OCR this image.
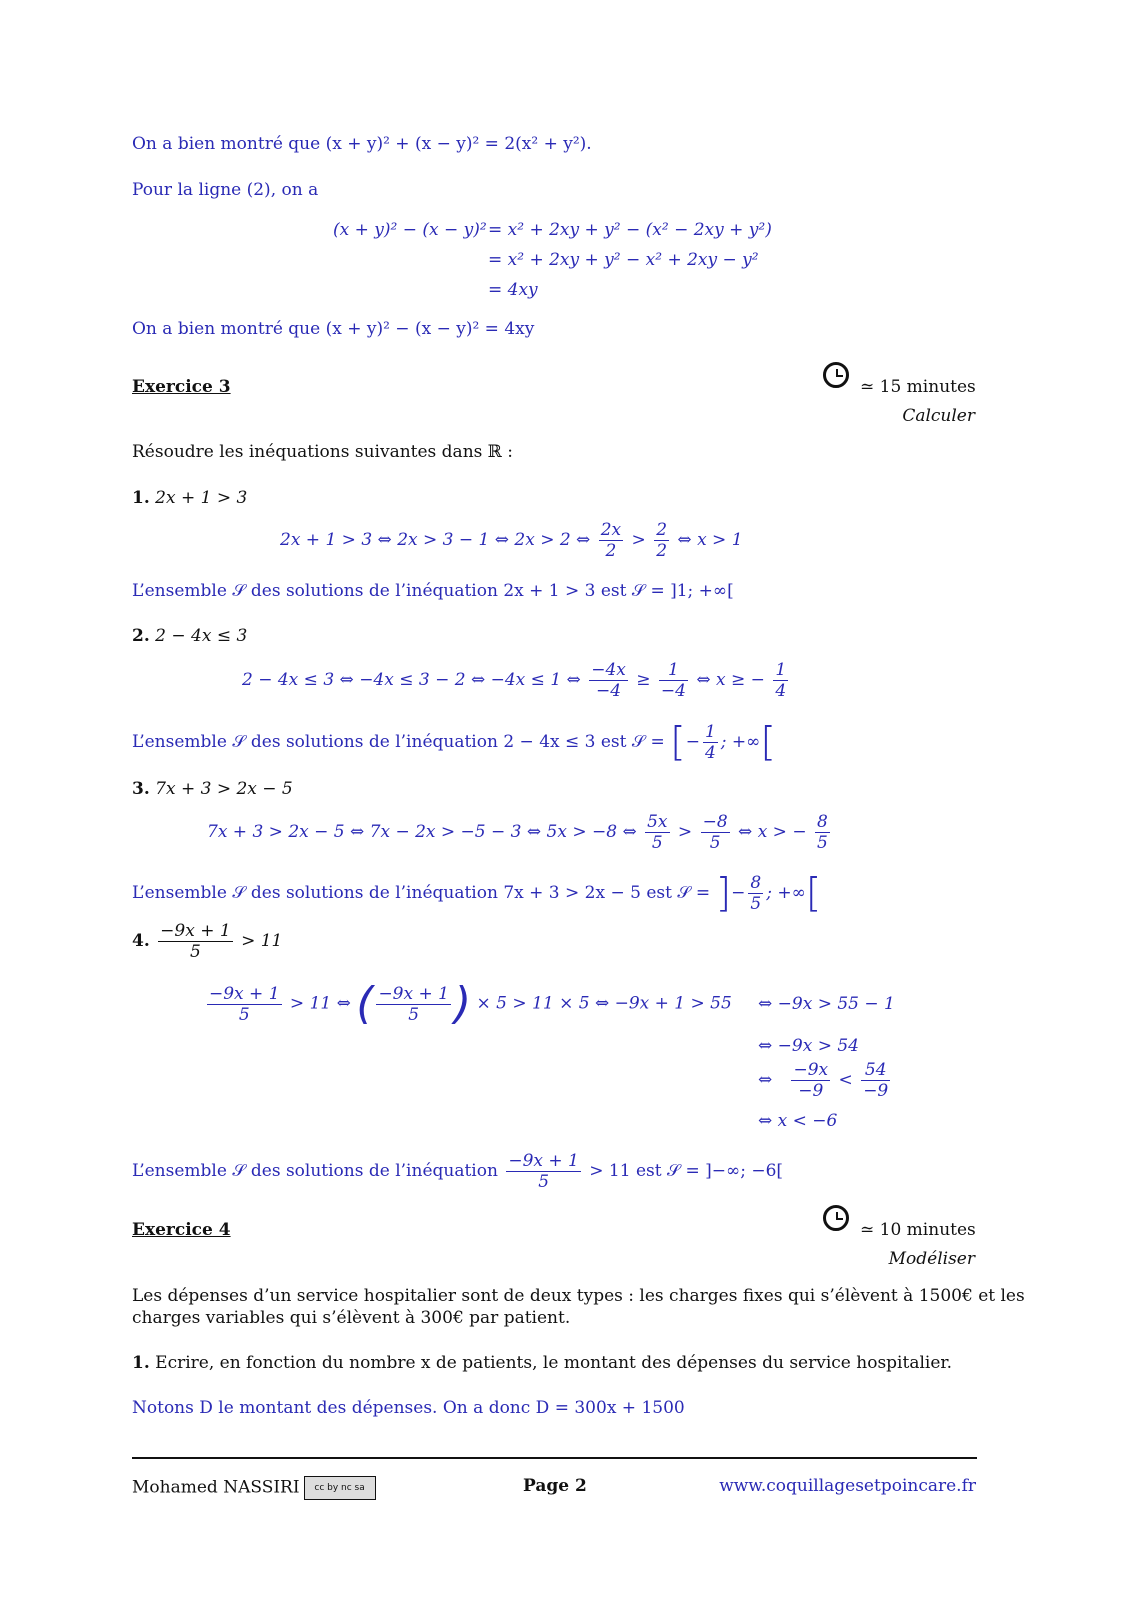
On a bien montré que (x + y)² + (x − y)² = 2(x² + y²).
Pour la ligne (2), on a
(x + y)² − (x − y)² = x² + 2xy + y² − (x² − 2xy + y²)
= x² + 2xy + y² − x² + 2xy − y²
= 4xy
On a bien montré que (x + y)² − (x − y)² = 4xy
Exercice 3	≃ 15 minutes
Calculer
Résoudre les inéquations suivantes dans ℝ :
1. 2x + 1 > 3
2x + 1 > 3 ⇔ 2x > 3 − 1 ⇔ 2x > 2 ⇔ $\frac{2x}{2} > \frac{2}{2}$ ⇔ x > 1
L’ensemble 𝒮 des solutions de l’inéquation 2x + 1 > 3 est 𝒮 = ]1; +∞[
2. 2 − 4x ≤ 3
2 − 4x ≤ 3 ⇔ −4x ≤ 3 − 2 ⇔ −4x ≤ 1 ⇔ $\frac{-4x}{-4} \ge \frac{1}{-4}$ ⇔ x ≥ − $\frac{1}{4}$
L’ensemble 𝒮 des solutions de l’inéquation 2 − 4x ≤ 3 est 𝒮 = [− $\frac{1}{4}$ ; +∞[
3. 7x + 3 > 2x − 5
7x + 3 > 2x − 5 ⇔ 7x − 2x > −5 − 3 ⇔ 5x > −8 ⇔ $\frac{5x}{5} > \frac{-8}{5}$ ⇔ x > − $\frac{8}{5}$
L’ensemble 𝒮 des solutions de l’inéquation 7x + 3 > 2x − 5 est 𝒮 = ]− $\frac{8}{5}$ ; +∞[
4. $\frac{-9x + 1}{5} > 11$
$\frac{-9x + 1}{5} > 11$ ⇔ ( $\frac{-9x + 1}{5}$ ) × 5 > 11 × 5 ⇔ −9x + 1 > 55 ⇔ −9x > 55 − 1
⇔ −9x > 54
⇔ $\frac{-9x}{-9} < \frac{54}{-9}$
⇔ x < −6
L’ensemble 𝒮 des solutions de l’inéquation $\frac{-9x + 1}{5} > 11$ est 𝒮 = ]−∞; −6[
Exercice 4	≃ 10 minutes
Modéliser
Les dépenses d’un service hospitalier sont de deux types : les charges fixes qui s’élèvent à 1500€ et les
charges variables qui s’élèvent à 300€ par patient.
1. Ecrire, en fonction du nombre x de patients, le montant des dépenses du service hospitalier.
Notons D le montant des dépenses. On a donc D = 300x + 1500
Mohamed NASSIRI cc by nc sa	Page 2	www.coquillagesetpoincare.fr
